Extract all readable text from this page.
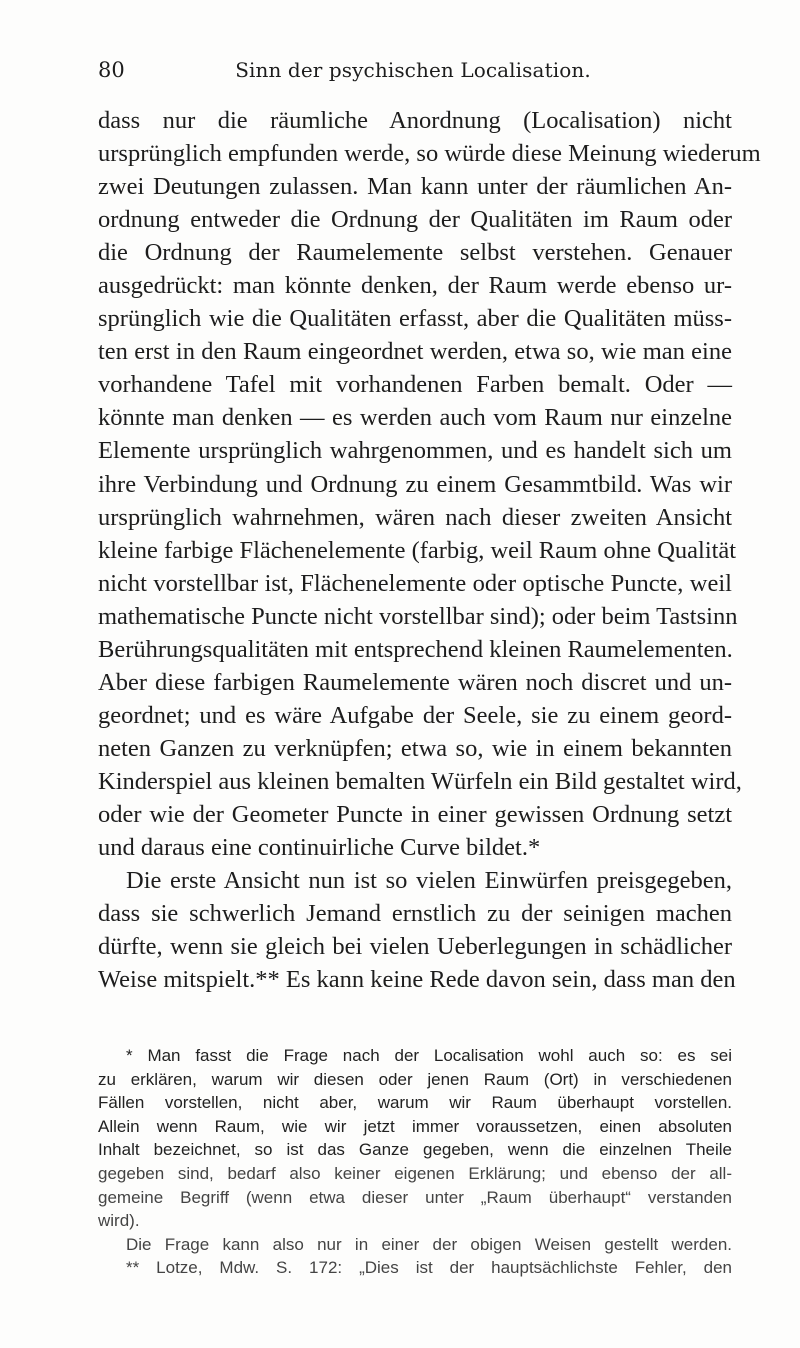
80	Sinn der psychischen Localisation.
dass nur die räumliche Anordnung (Localisation) nicht
ursprünglich empfunden werde, so würde diese Meinung wiederum
zwei Deutungen zulassen. Man kann unter der räumlichen An-
ordnung entweder die Ordnung der Qualitäten im Raum oder
die Ordnung der Raumelemente selbst verstehen. Genauer
ausgedrückt: man könnte denken, der Raum werde ebenso ur-
sprünglich wie die Qualitäten erfasst, aber die Qualitäten müss-
ten erst in den Raum eingeordnet werden, etwa so, wie man eine
vorhandene Tafel mit vorhandenen Farben bemalt. Oder —
könnte man denken — es werden auch vom Raum nur einzelne
Elemente ursprünglich wahrgenommen, und es handelt sich um
ihre Verbindung und Ordnung zu einem Gesammtbild. Was wir
ursprünglich wahrnehmen, wären nach dieser zweiten Ansicht
kleine farbige Flächenelemente (farbig, weil Raum ohne Qualität
nicht vorstellbar ist, Flächenelemente oder optische Puncte, weil
mathematische Puncte nicht vorstellbar sind); oder beim Tastsinn
Berührungsqualitäten mit entsprechend kleinen Raumelementen.
Aber diese farbigen Raumelemente wären noch discret und un-
geordnet; und es wäre Aufgabe der Seele, sie zu einem geord-
neten Ganzen zu verknüpfen; etwa so, wie in einem bekannten
Kinderspiel aus kleinen bemalten Würfeln ein Bild gestaltet wird,
oder wie der Geometer Puncte in einer gewissen Ordnung setzt
und daraus eine continuirliche Curve bildet.*
Die erste Ansicht nun ist so vielen Einwürfen preisgegeben,
dass sie schwerlich Jemand ernstlich zu der seinigen machen
dürfte, wenn sie gleich bei vielen Ueberlegungen in schädlicher
Weise mitspielt.** Es kann keine Rede davon sein, dass man den
* Man fasst die Frage nach der Localisation wohl auch so: es sei
zu erklären, warum wir diesen oder jenen Raum (Ort) in verschiedenen
Fällen vorstellen, nicht aber, warum wir Raum überhaupt vorstellen.
Allein wenn Raum, wie wir jetzt immer voraussetzen, einen absoluten
Inhalt bezeichnet, so ist das Ganze gegeben, wenn die einzelnen Theile
gegeben sind, bedarf also keiner eigenen Erklärung; und ebenso der all-
gemeine Begriff (wenn etwa dieser unter „Raum überhaupt“ verstanden
wird).
Die Frage kann also nur in einer der obigen Weisen gestellt werden.
** Lotze, Mdw. S. 172: „Dies ist der hauptsächlichste Fehler, den
